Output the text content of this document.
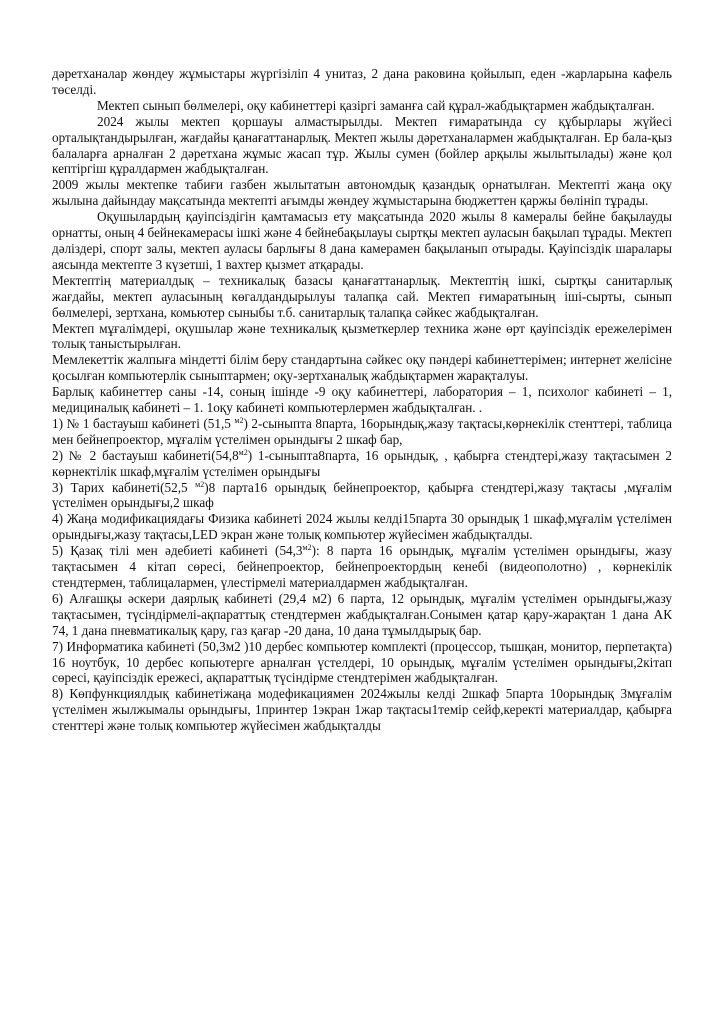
дәретханалар жөндеу жұмыстары жүргізіліп 4 унитаз, 2 дана раковина қойылып, еден -жарларына кафель төселді.

Мектеп сынып бөлмелері, оқу кабинеттері қазіргі заманға сай құрал-жабдықтармен жабдықталған.

2024 жылы мектеп қоршауы алмастырылды. Мектеп ғимаратында су құбырлары жүйесі орталықтандырылған, жағдайы қанағаттанарлық. Мектеп жылы дәретханалармен жабдықталған. Ер бала-қыз балаларға арналған 2 дәретхана жұмыс жасап тұр. Жылы сумен (бойлер арқылы жылытылады) және қол кептіргіш құралдармен жабдықталған.

2009 жылы мектепке табиғи газбен жылытатын автономдық қазандық орнатылған. Мектепті жаңа оқу жылына дайындау мақсатында мектепті ағымды жөндеу жұмыстарына бюджеттен қаржы бөлініп тұрады.

Оқушылардың қауіпсіздігін қамтамасыз ету мақсатында 2020 жылы 8 камералы бейне бақылауды орнатты, оның 4 бейнекамерасы ішкі және 4 бейнебақылауы сыртқы мектеп ауласын бақылап тұрады. Мектеп дәліздері, спорт залы, мектеп ауласы барлығы 8 дана камерамен бақыланып отырады. Қауіпсіздік шаралары аясында мектепте 3 күзетші, 1 вахтер қызмет атқарады.

Мектептің материалдық – техникалық базасы қанағаттанарлық. Мектептің ішкі, сыртқы санитарлық жағдайы, мектеп ауласының көгалдандырылуы талапқа сай. Мектеп ғимаратының ішi-сырты, сынып бөлмелері, зертхана, комьютер сыныбы т.б. санитарлық талапқа сәйкес жабдықталған.

Мектеп мұғалімдері, оқушылар және техникалық қызметкерлер техника және өрт қауіпсіздік ережелерімен толық таныстырылған.

Мемлекеттік жалпыға міндетті білім беру стандартына сәйкес оқу пәндері кабинеттерімен; интернет желісіне қосылған компьютерлік сыныптармен; оқу-зертханалық жабдықтармен жарақталуы.

Барлық кабинеттер саны -14, соның ішінде -9 оқу кабинеттері, лаборатория – 1, психолог кабинеті – 1, медициналық кабинеті – 1. 1оқу кабинеті компьютерлермен жабдықталған. .

1) № 1 бастауыш кабинеті (51,5 $^{м2}$) 2-сыныпта 8парта, 16орындық,жазу тақтасы,көрнекілік стенттері, таблица мен бейнепроектор, мұғалім үстелімен орындығы 2 шкаф бар,
2) № 2 бастауыш $кабинеті(54,8^{м2})$ 1-сыныпта8парта, 16 орындық, , қабырға стендтері,жазу тақтасымен 2 көрнектілік шкаф,мұғалім үстелімен орындығы
3) Тарих кабинеті(52,5 $^{м2}$)8 парта16 орындық бейнепроектор, қабырға стендтері,жазу тақтасы ,мұғалім үстелімен орындығы,2 шкаф
4) Жаңа модификациядағы Физика кабинеті 2024 жылы келді15парта 30 орындық 1 шкаф,мұғалім үстелімен орындығы,жазу тақтасы,LED экран және толық компьютер жүйесімен жабдықталды.
5) Қазақ тілі мен әдебиеті кабинеті $(54,3^{м2})$: 8 парта 16 орындық, мұғалім үстелімен орындығы, жазу тақтасымен 4 кітап сөресі, бейнепроектор, бейнепроектордың кенебі (видеополотно) , көрнекілік стендтермен, таблицалармен, үлестірмелі материалдармен жабдықталған.
6) Алғашқы әскери даярлық кабинеті (29,4 м2) 6 парта, 12 орындық, мұғалім үстелімен орындығы,жазу тақтасымен, түсіндірмелі-ақпараттық стендтермен жабдықталған.Сонымен қатар қару-жарақтан 1 дана АК 74, 1 дана пневматикалық қару, газ қағар -20 дана, 10 дана тұмылдырық бар.
7) Информатика кабинеті (50,3м2 )10 дербес компьютер комплекті (процессор, тышқан, монитор, перпетақта) 16 ноутбук, 10 дербес копьютерге арналған үстелдері, 10 орындық, мұғалім үстелімен орындығы,2кітап сөресі, қауіпсіздік ережесі, ақпараттық түсіндірме стендтерімен жабдықталған.
8) Көпфункциялдық кабинетіжаңа модефикациямен 2024жылы келді 2шкаф 5парта 10орындық 3мұғалім үстелімен жылжымалы орындығы, 1принтер 1экран 1жар тақтасы1темір сейф,керекті материалдар, қабырға стенттері және толық компьютер жүйесімен жабдықталды
